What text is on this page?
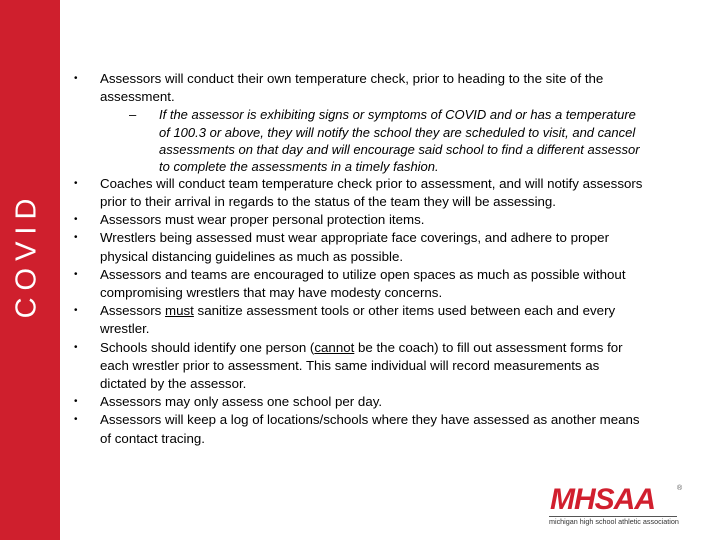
COVID
• Assessors will conduct their own temperature check, prior to heading to the site of the assessment.
– If the assessor is exhibiting signs or symptoms of COVID and or has a temperature of 100.3 or above, they will notify the school they are scheduled to visit, and cancel assessments on that day and will encourage said school to find a different assessor to complete the assessments in a timely fashion.
• Coaches will conduct team temperature check prior to assessment, and will notify assessors prior to their arrival in regards to the status of the team they will be assessing.
• Assessors must wear proper personal protection items.
• Wrestlers being assessed must wear appropriate face coverings, and adhere to proper physical distancing guidelines as much as possible.
• Assessors and teams are encouraged to utilize open spaces as much as possible without compromising wrestlers that may have modesty concerns.
• Assessors must sanitize assessment tools or other items used between each and every wrestler.
• Schools should identify one person (cannot be the coach) to fill out assessment forms for each wrestler prior to assessment. This same individual will record measurements as dictated by the assessor.
• Assessors may only assess one school per day.
• Assessors will keep a log of locations/schools where they have assessed as another means of contact tracing.
MHSAA	®
michigan high school athletic association
